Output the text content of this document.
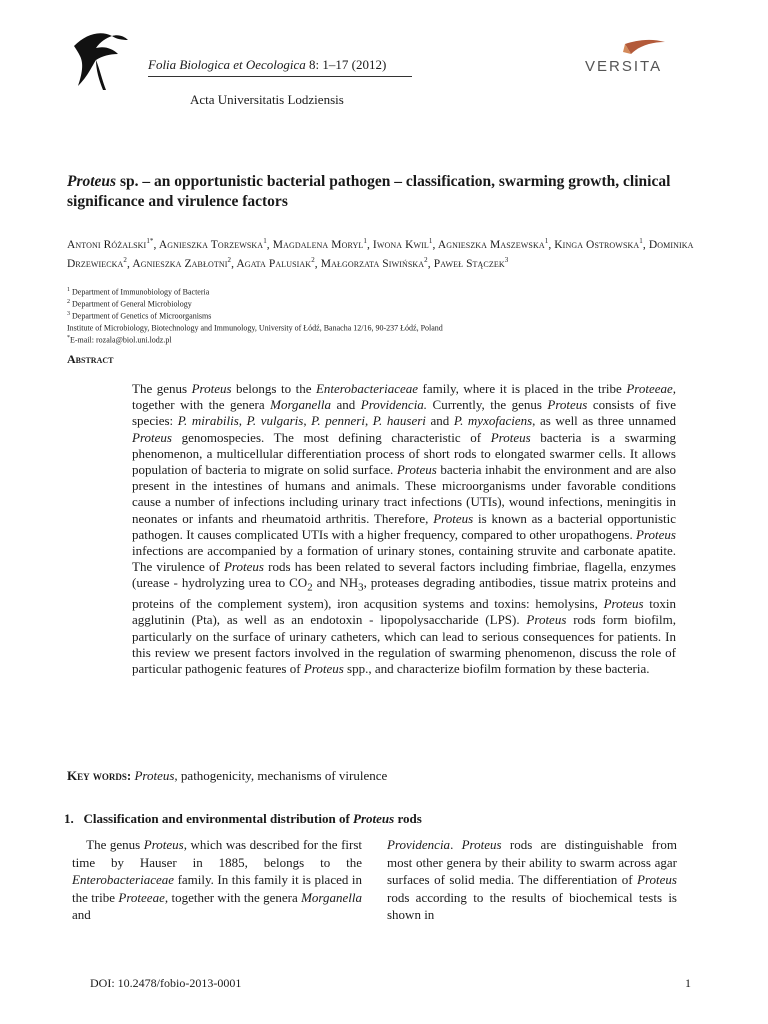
Folia Biologica et Oecologica 8: 1–17 (2012)	VERSITA
Acta Universitatis Lodziensis
Proteus sp. – an opportunistic bacterial pathogen – classification, swarming growth, clinical significance and virulence factors
Antoni Różalski$^{1*}$, Agnieszka Torzewska$^1$, Magdalena Moryl$^1$, Iwona Kwil$^1$, Agnieszka Maszewska$^1$, Kinga Ostrowska$^1$, Dominika Drzewiecka$^2$, Agnieszka Zabłotni$^2$, Agata Palusiak$^2$, Małgorzata Siwińska$^2$, Paweł Stączek$^3$
$^1$ Department of Immunobiology of Bacteria
$^2$ Department of General Microbiology
$^3$ Department of Genetics of Microorganisms
Institute of Microbiology, Biotechnology and Immunology, University of Łódź, Banacha 12/16, 90-237 Łódź, Poland
*E-mail: rozala@biol.uni.lodz.pl
Abstract
The genus Proteus belongs to the Enterobacteriaceae family, where it is placed in the tribe Proteeae, together with the genera Morganella and Providencia. Currently, the genus Proteus consists of five species: P. mirabilis, P. vulgaris, P. penneri, P. hauseri and P. myxofaciens, as well as three unnamed Proteus genomospecies. The most defining characteristic of Proteus bacteria is a swarming phenomenon, a multicellular differentiation process of short rods to elongated swarmer cells. It allows population of bacteria to migrate on solid surface. Proteus bacteria inhabit the environment and are also present in the intestines of humans and animals. These microorganisms under favorable conditions cause a number of infections including urinary tract infections (UTIs), wound infections, meningitis in neonates or infants and rheumatoid arthritis. Therefore, Proteus is known as a bacterial opportunistic pathogen. It causes complicated UTIs with a higher frequency, compared to other uropathogens. Proteus infections are accompanied by a formation of urinary stones, containing struvite and carbonate apatite. The virulence of Proteus rods has been related to several factors including fimbriae, flagella, enzymes (urease - hydrolyzing urea to $CO_2$ and $NH_3$, proteases degrading antibodies, tissue matrix proteins and proteins of the complement system), iron acqusition systems and toxins: hemolysins, Proteus toxin agglutinin (Pta), as well as an endotoxin - lipopolysaccharide (LPS). Proteus rods form biofilm, particularly on the surface of urinary catheters, which can lead to serious consequences for patients. In this review we present factors involved in the regulation of swarming phenomenon, discuss the role of particular pathogenic features of Proteus spp., and characterize biofilm formation by these bacteria.
Key words: Proteus, pathogenicity, mechanisms of virulence
1.   Classification and environmental distribution of Proteus rods
The genus Proteus, which was described for the first time by Hauser in 1885, belongs to the Enterobacteriaceae family. In this family it is placed in the tribe Proteeae, together with the genera Morganella and
Providencia. Proteus rods are distinguishable from most other genera by their ability to swarm across agar surfaces of solid media. The differentiation of Proteus rods according to the results of biochemical tests is shown in
DOI: 10.2478/fobio-2013-0001	1
